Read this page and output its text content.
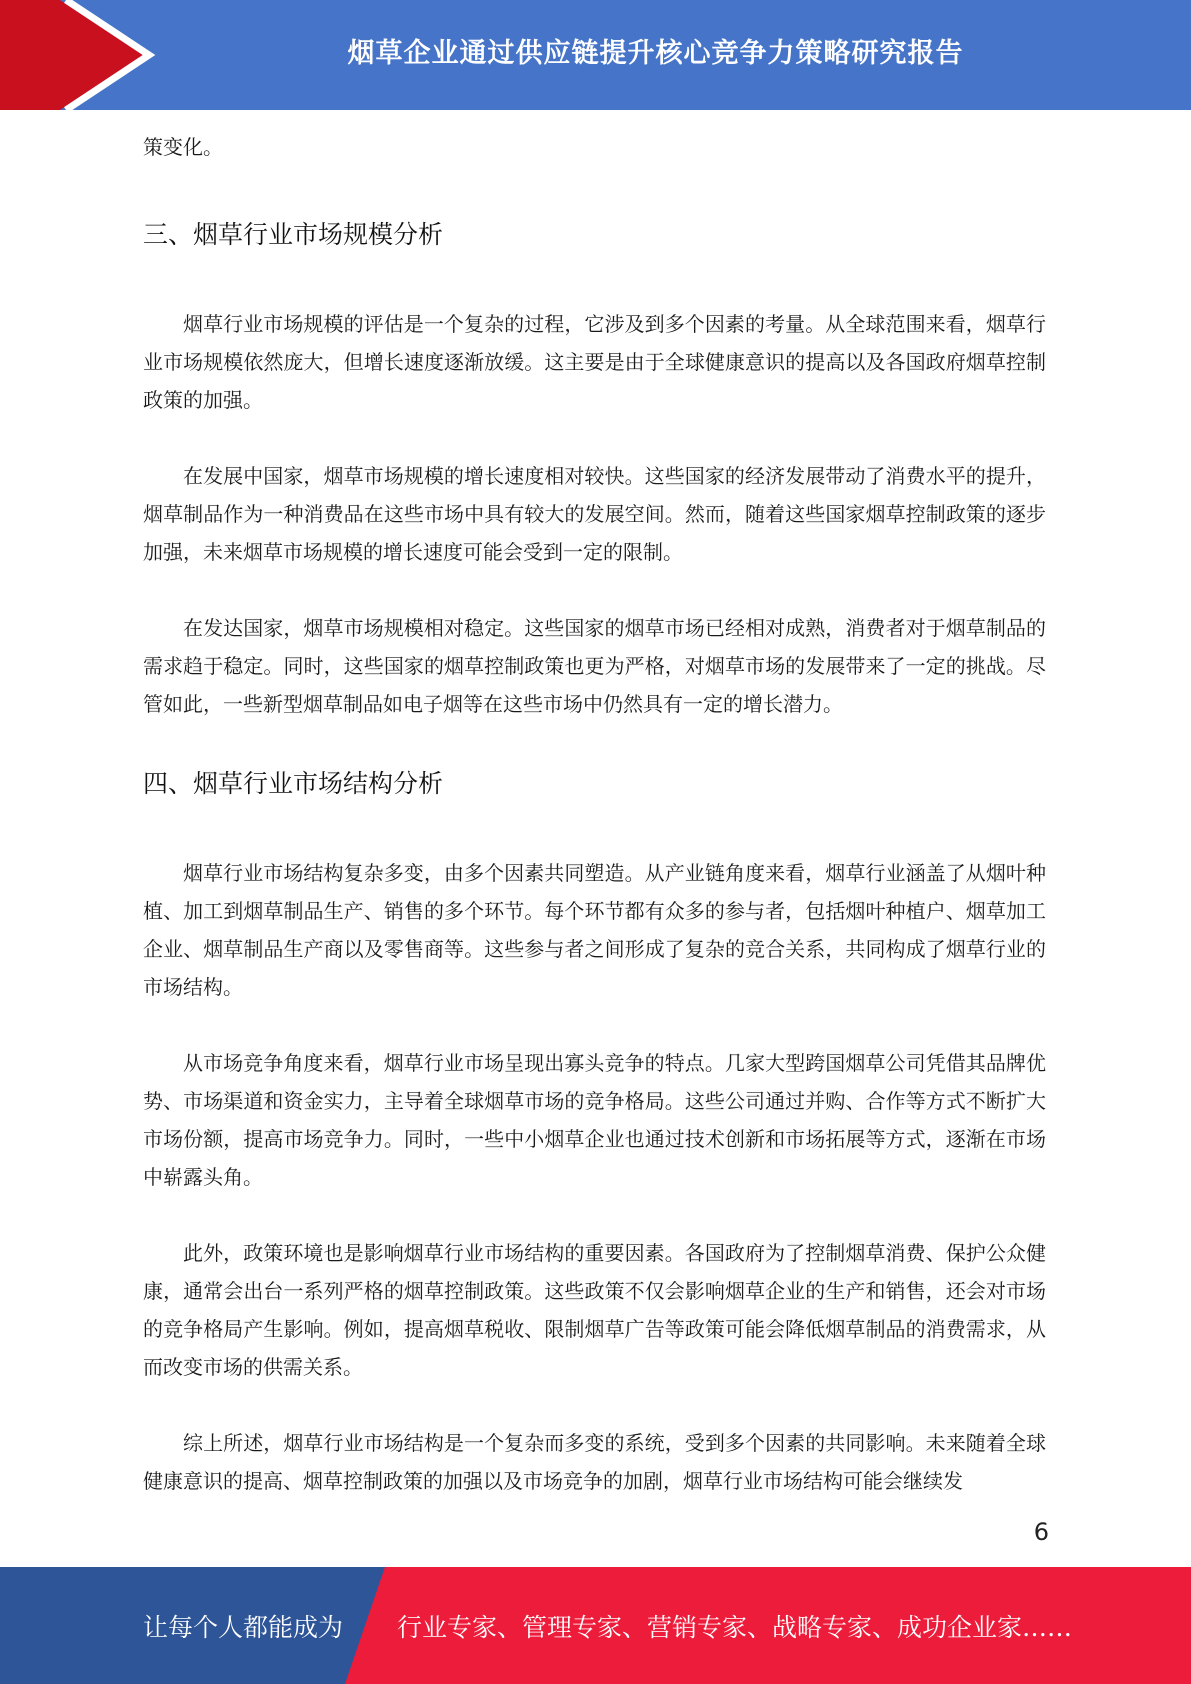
烟草企业通过供应链提升核心竞争力策略研究报告

策变化。

三、烟草行业市场规模分析

烟草行业市场规模的评估是一个复杂的过程，它涉及到多个因素的考量。从全球范围来看，烟草行业市场规模依然庞大，但增长速度逐渐放缓。这主要是由于全球健康意识的提高以及各国政府烟草控制政策的加强。

在发展中国家，烟草市场规模的增长速度相对较快。这些国家的经济发展带动了消费水平的提升，烟草制品作为一种消费品在这些市场中具有较大的发展空间。然而，随着这些国家烟草控制政策的逐步加强，未来烟草市场规模的增长速度可能会受到一定的限制。

在发达国家，烟草市场规模相对稳定。这些国家的烟草市场已经相对成熟，消费者对于烟草制品的需求趋于稳定。同时，这些国家的烟草控制政策也更为严格，对烟草市场的发展带来了一定的挑战。尽管如此，一些新型烟草制品如电子烟等在这些市场中仍然具有一定的增长潜力。

四、烟草行业市场结构分析

烟草行业市场结构复杂多变，由多个因素共同塑造。从产业链角度来看，烟草行业涵盖了从烟叶种植、加工到烟草制品生产、销售的多个环节。每个环节都有众多的参与者，包括烟叶种植户、烟草加工企业、烟草制品生产商以及零售商等。这些参与者之间形成了复杂的竞合关系，共同构成了烟草行业的市场结构。

从市场竞争角度来看，烟草行业市场呈现出寡头竞争的特点。几家大型跨国烟草公司凭借其品牌优势、市场渠道和资金实力，主导着全球烟草市场的竞争格局。这些公司通过并购、合作等方式不断扩大市场份额，提高市场竞争力。同时，一些中小烟草企业也通过技术创新和市场拓展等方式，逐渐在市场中崭露头角。

此外，政策环境也是影响烟草行业市场结构的重要因素。各国政府为了控制烟草消费、保护公众健康，通常会出台一系列严格的烟草控制政策。这些政策不仅会影响烟草企业的生产和销售，还会对市场的竞争格局产生影响。例如，提高烟草税收、限制烟草广告等政策可能会降低烟草制品的消费需求，从而改变市场的供需关系。

综上所述，烟草行业市场结构是一个复杂而多变的系统，受到多个因素的共同影响。未来随着全球健康意识的提高、烟草控制政策的加强以及市场竞争的加剧，烟草行业市场结构可能会继续发

6
让每个人都能成为 行业专家、管理专家、营销专家、战略专家、成功企业家……
